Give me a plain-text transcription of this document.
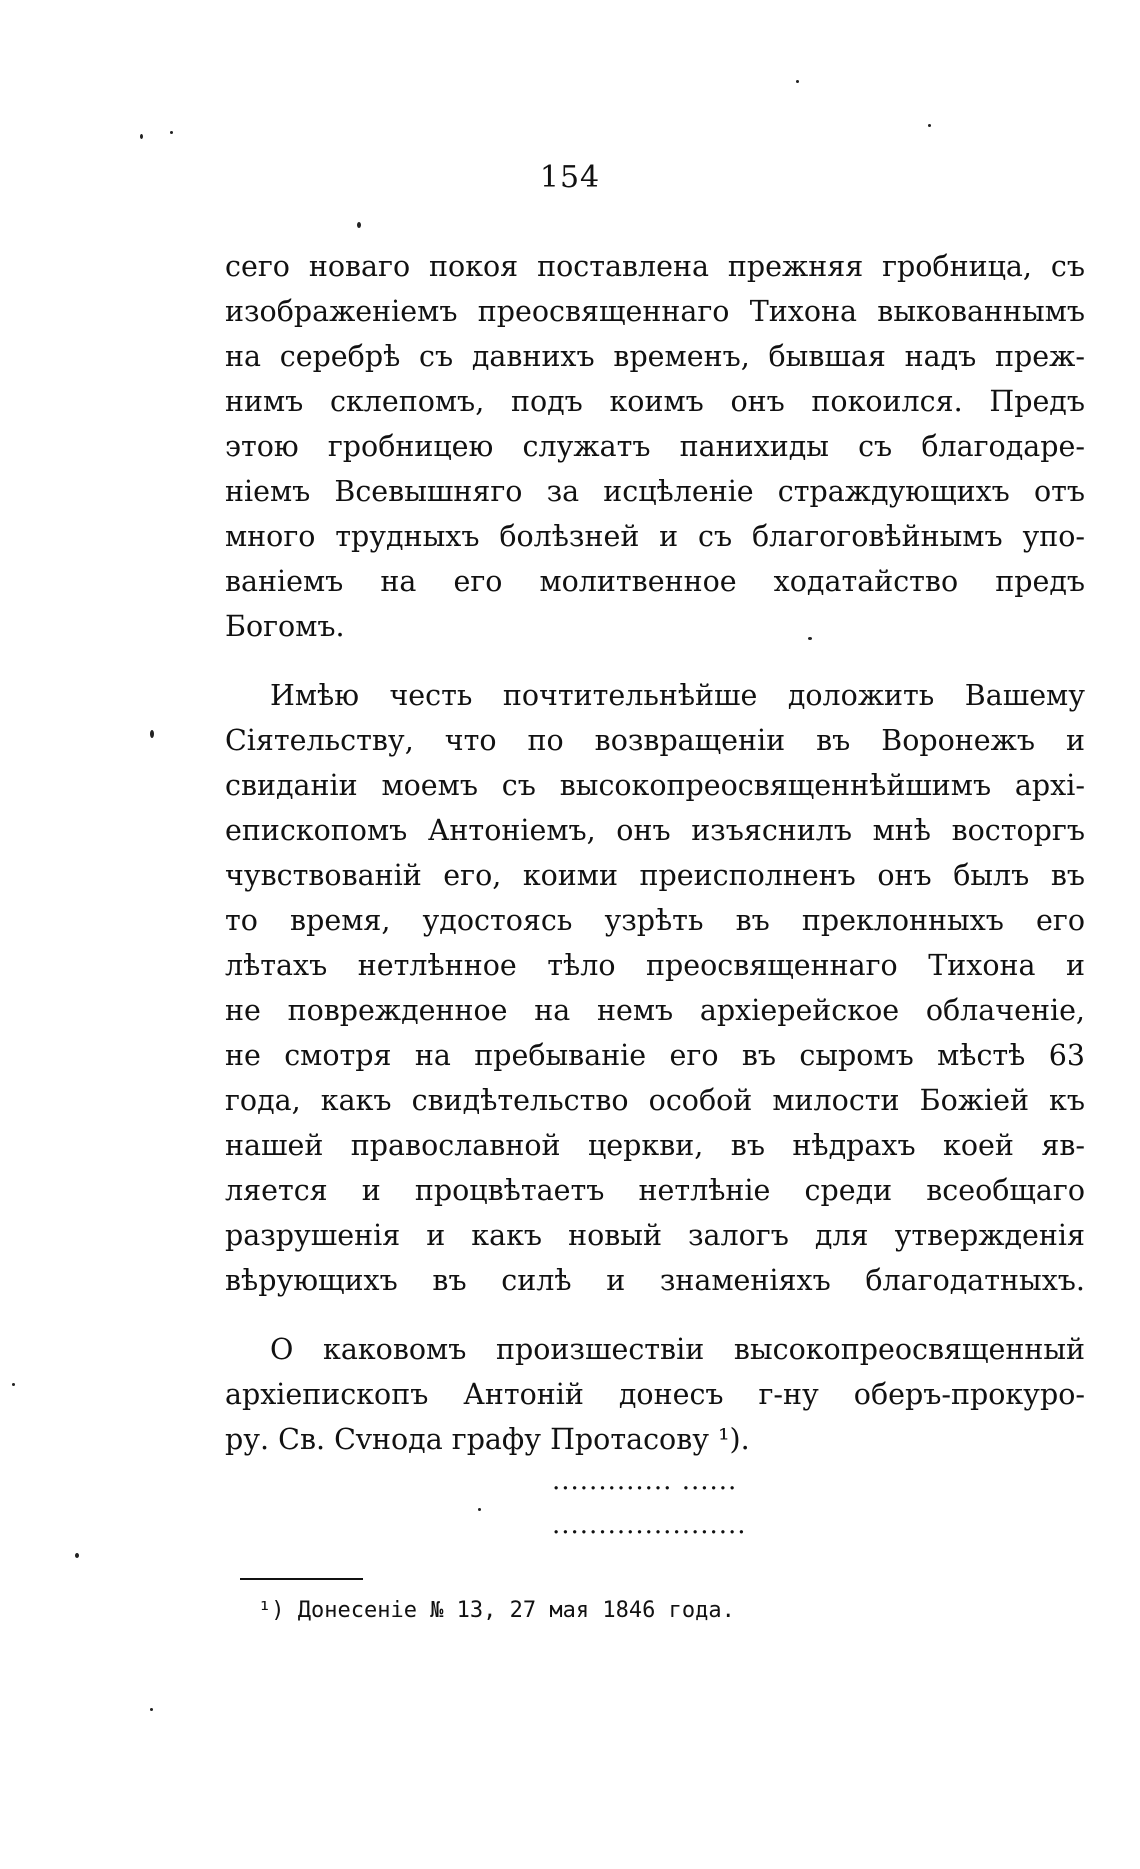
154
сего новаго покоя поставлена прежняя гробница, съ
изображеніемъ преосвященнаго Тихона выкованнымъ
на серебрѣ съ давнихъ временъ, бывшая надъ преж-
нимъ склепомъ, подъ коимъ онъ покоился. Предъ
этою гробницею служатъ панихиды съ благодаре-
ніемъ Всевышняго за исцѣленіе страждующихъ отъ
много трудныхъ болѣзней и съ благоговѣйнымъ упо-
ваніемъ на его молитвенное ходатайство предъ
Богомъ.
Имѣю честь почтительнѣйше доложить Вашему
Сіятельству, что по возвращеніи въ Воронежъ и
свиданіи моемъ съ высокопреосвященнѣйшимъ архі-
епископомъ Антоніемъ, онъ изъяснилъ мнѣ восторгъ
чувствованій его, коими преисполненъ онъ былъ въ
то время, удостоясь узрѣть въ преклонныхъ его
лѣтахъ нетлѣнное тѣло преосвященнаго Тихона и
не поврежденное на немъ архіерейское облаченіе,
не смотря на пребываніе его въ сыромъ мѣстѣ 63
года, какъ свидѣтельство особой милости Божіей къ
нашей православной церкви, въ нѣдрахъ коей яв-
ляется и процвѣтаетъ нетлѣніе среди всеобщаго
разрушенія и какъ новый залогъ для утвержденія
вѣрующихъ въ силѣ и знаменіяхъ благодатныхъ.
О каковомъ произшествіи высокопреосвященный
архіепископъ Антоній донесъ г-ну оберъ-прокуро-
ру. Св. Сvнода графу Протасову ¹).
............. ......
.....................
¹) Донесеніе № 13, 27 мая 1846 года.
